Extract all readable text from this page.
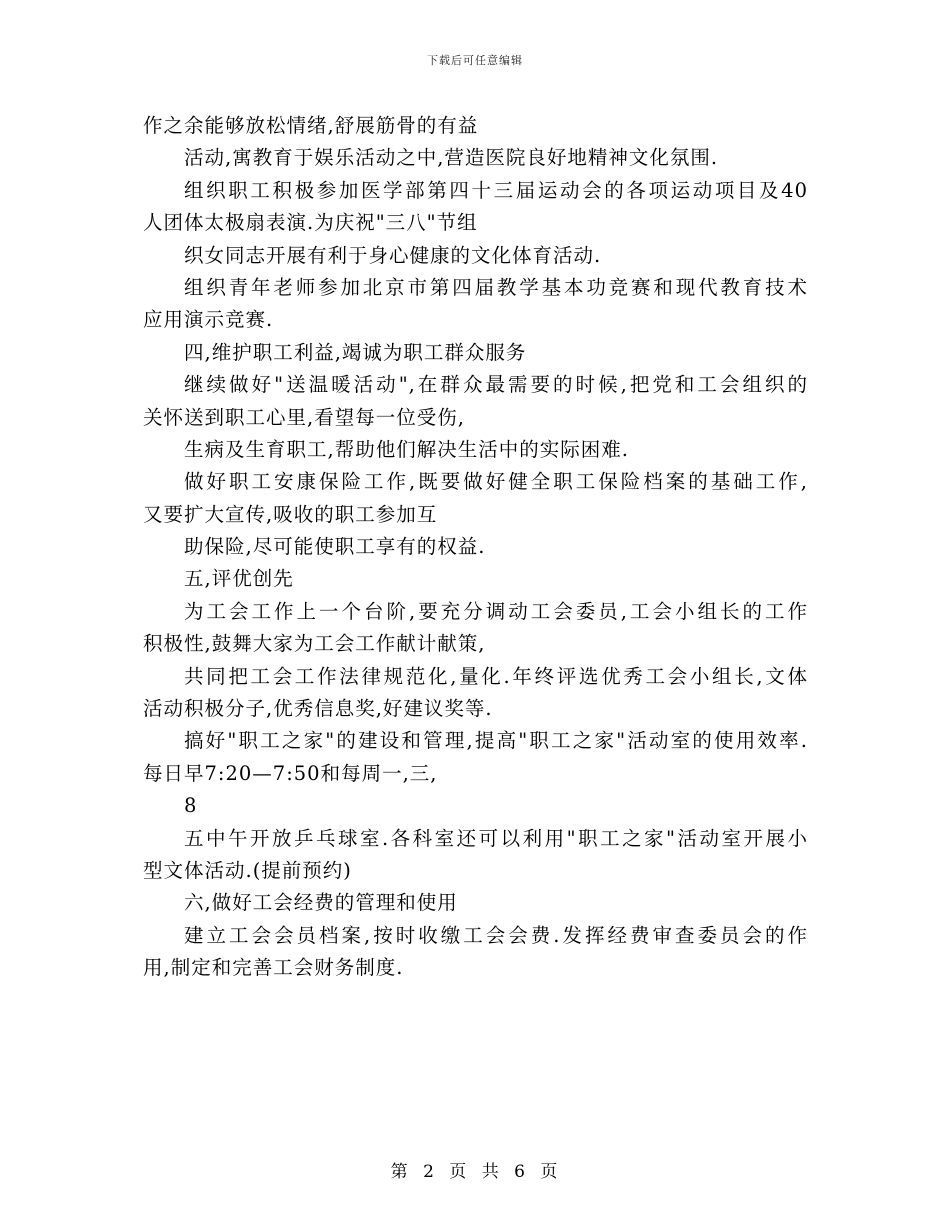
下载后可任意编辑
作之余能够放松情绪,舒展筋骨的有益
活动,寓教育于娱乐活动之中,营造医院良好地精神文化氛围.
组织职工积极参加医学部第四十三届运动会的各项运动项目及40
人团体太极扇表演.为庆祝"三八"节组
织女同志开展有利于身心健康的文化体育活动.
组织青年老师参加北京市第四届教学基本功竞赛和现代教育技术
应用演示竞赛.
四,维护职工利益,竭诚为职工群众服务
继续做好"送温暖活动",在群众最需要的时候,把党和工会组织的
关怀送到职工心里,看望每一位受伤,
生病及生育职工,帮助他们解决生活中的实际困难.
做好职工安康保险工作,既要做好健全职工保险档案的基础工作,
又要扩大宣传,吸收的职工参加互
助保险,尽可能使职工享有的权益.
五,评优创先
为工会工作上一个台阶,要充分调动工会委员,工会小组长的工作
积极性,鼓舞大家为工会工作献计献策,
共同把工会工作法律规范化,量化.年终评选优秀工会小组长,文体
活动积极分子,优秀信息奖,好建议奖等.
搞好"职工之家"的建设和管理,提高"职工之家"活动室的使用效率.
每日早7:20—7:50和每周一,三,
8
五中午开放乒乓球室.各科室还可以利用"职工之家"活动室开展小
型文体活动.(提前预约)
六,做好工会经费的管理和使用
建立工会会员档案,按时收缴工会会费.发挥经费审查委员会的作
用,制定和完善工会财务制度.
第 2 页 共 6 页
